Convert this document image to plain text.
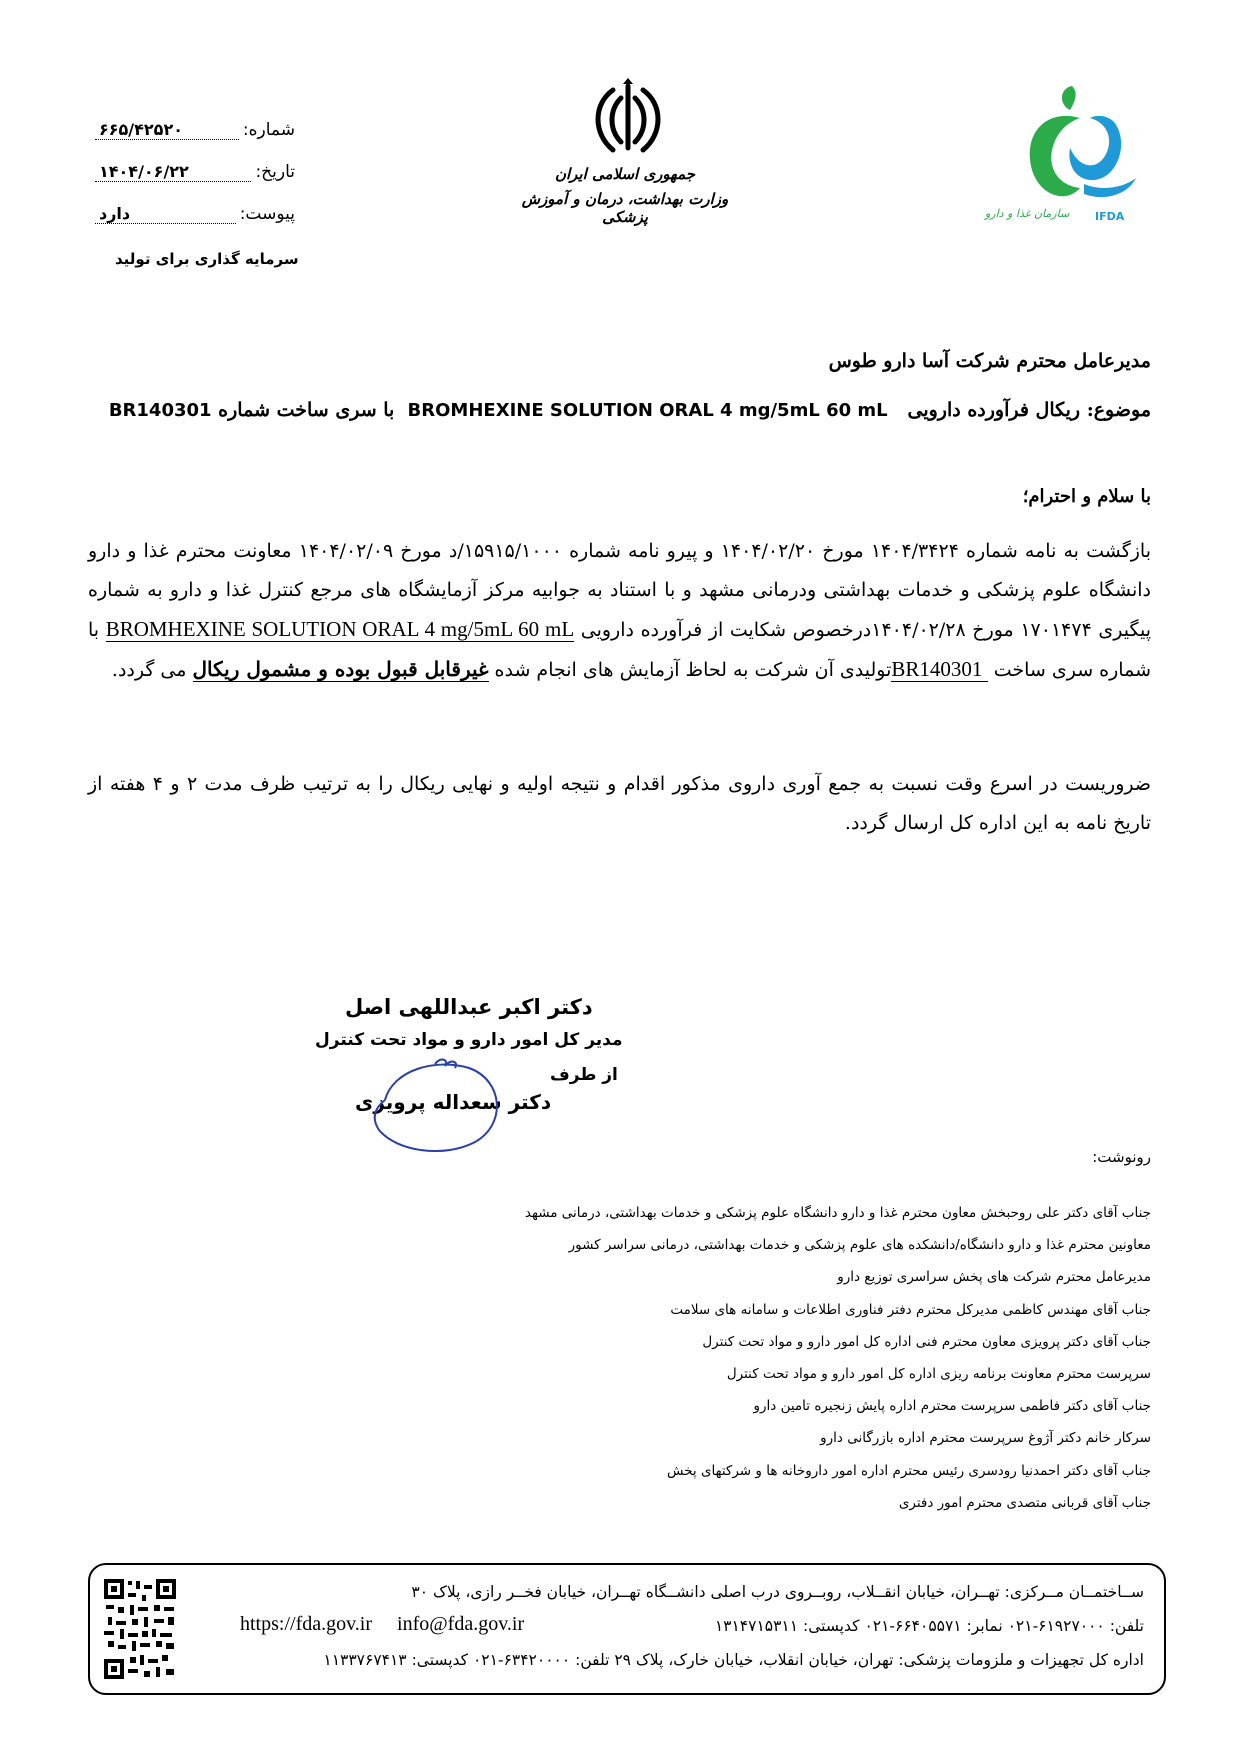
شماره:
۶۶۵/۴۲۵۲۰
تاریخ:
۱۴۰۴/۰۶/۲۲
پیوست:
دارد
سرمایه گذاری برای تولید
جمهوری اسلامی ایران
وزارت بهداشت، درمان و آموزش پزشکی	سازمان غذا و دارو IFDA
مدیرعامل محترم شرکت آسا دارو طوس
موضوع: ریکال فرآورده دارویی   BROMHEXINE SOLUTION ORAL 4 mg/5mL 60 mL  با سری ساخت شماره BR140301
با سلام و احترام؛
بازگشت به نامه شماره ۱۴۰۴/۳۴۲۴ مورخ ۱۴۰۴/۰۲/۲۰ و پیرو نامه شماره ۱۵۹۱۵/۱۰۰۰/د مورخ ۱۴۰۴/۰۲/۰۹ معاونت محترم غذا و دارو دانشگاه علوم پزشکی و خدمات بهداشتی ودرمانی مشهد و با استناد به جوابیه مرکز آزمایشگاه های مرجع کنترل غذا و دارو به شماره پیگیری ۱۷۰۱۴۷۴ مورخ ۱۴۰۴/۰۲/۲۸درخصوص شکایت از فرآورده دارویی BROMHEXINE SOLUTION ORAL 4 mg/5mL 60 mL با شماره سری ساخت BR140301 تولیدی آن شرکت به لحاظ آزمایش های انجام شده غیرقابل قبول بوده و مشمول ریکال می گردد.
ضروریست در اسرع وقت نسبت به جمع آوری داروی مذکور اقدام و نتیجه اولیه و نهایی ریکال را به ترتیب ظرف مدت ۲ و ۴ هفته از تاریخ نامه به این اداره کل ارسال گردد.
دکتر اکبر عبداللهی اصل
مدیر کل امور دارو و مواد تحت کنترل
از طرف
دکتر سعداله پرویزی
رونوشت:
جناب آقای دکتر علی روحبخش معاون محترم غذا و دارو دانشگاه علوم پزشکی و خدمات بهداشتی، درمانی مشهد
معاونین محترم غذا و دارو دانشگاه/دانشکده های علوم پزشکی و خدمات بهداشتی، درمانی سراسر کشور
مدیرعامل محترم شرکت های پخش سراسری توزیع دارو
جناب آقای مهندس کاظمی مدیرکل محترم دفتر فناوری اطلاعات و سامانه های سلامت
جناب آقای دکتر پرویزی معاون محترم فنی اداره کل امور دارو و مواد تحت کنترل
سرپرست محترم معاونت برنامه ریزی اداره کل امور دارو و مواد تحت کنترل
جناب آقای دکتر فاطمی سرپرست محترم اداره پایش زنجیره تامین دارو
سرکار خانم دکتر آژوغ سرپرست محترم اداره بازرگانی دارو
جناب آقای دکتر احمدنیا رودسری رئیس محترم اداره امور داروخانه ها و شرکتهای پخش
جناب آقای قربانی متصدی محترم امور دفتری
ســاختمــان مــرکزی: تهــران، خیابان انقــلاب، روبــروی درب اصلی دانشــگاه تهــران، خیابان فخــر رازی، پلاک ۳۰
تلفن: ۶۱۹۲۷۰۰۰-۰۲۱ نمابر: ۶۶۴۰۵۵۷۱-۰۲۱ کدپستی: ۱۳۱۴۷۱۵۳۱۱
https://fda.gov.ir info@fda.gov.ir
اداره کل تجهیزات و ملزومات پزشکی: تهران، خیابان انقلاب، خیابان خارک، پلاک ۲۹ تلفن: ۶۳۴۲۰۰۰۰-۰۲۱ کدپستی: ۱۱۳۳۷۶۷۴۱۳
